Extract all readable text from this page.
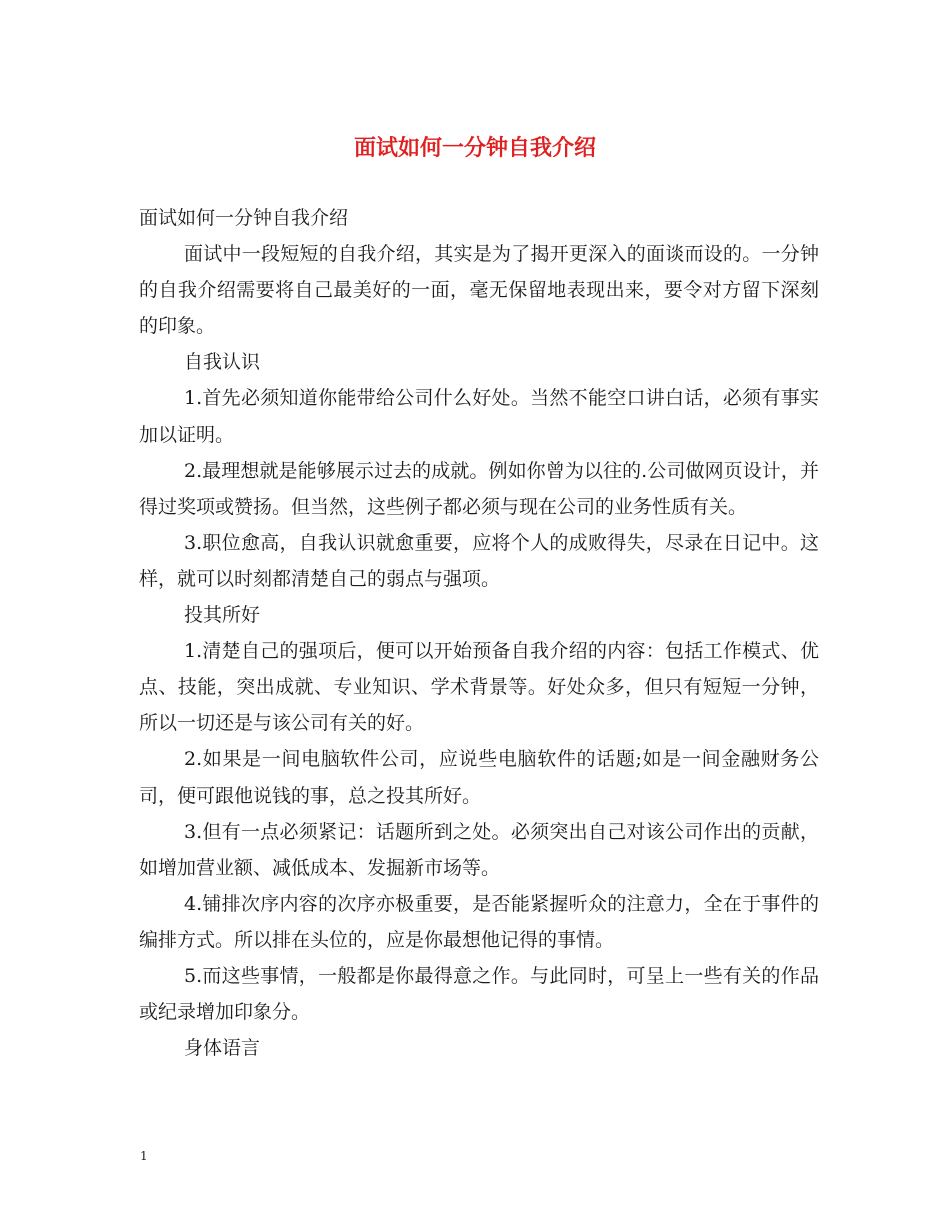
面试如何一分钟自我介绍

面试如何一分钟自我介绍

面试中一段短短的自我介绍，其实是为了揭开更深入的面谈而设的。一分钟的自我介绍需要将自己最美好的一面，毫无保留地表现出来，要令对方留下深刻的印象。

自我认识

1.首先必须知道你能带给公司什么好处。当然不能空口讲白话，必须有事实加以证明。

2.最理想就是能够展示过去的成就。例如你曾为以往的.公司做网页设计，并得过奖项或赞扬。但当然，这些例子都必须与现在公司的业务性质有关。

3.职位愈高，自我认识就愈重要，应将个人的成败得失，尽录在日记中。这样，就可以时刻都清楚自己的弱点与强项。

投其所好

1.清楚自己的强项后，便可以开始预备自我介绍的内容：包括工作模式、优点、技能，突出成就、专业知识、学术背景等。好处众多，但只有短短一分钟，所以一切还是与该公司有关的好。

2.如果是一间电脑软件公司，应说些电脑软件的话题;如是一间金融财务公司，便可跟他说钱的事，总之投其所好。

3.但有一点必须紧记：话题所到之处。必须突出自己对该公司作出的贡献，如增加营业额、减低成本、发掘新市场等。

4.铺排次序内容的次序亦极重要，是否能紧握听众的注意力，全在于事件的编排方式。所以排在头位的，应是你最想他记得的事情。

5.而这些事情，一般都是你最得意之作。与此同时，可呈上一些有关的作品或纪录增加印象分。

身体语言

1
